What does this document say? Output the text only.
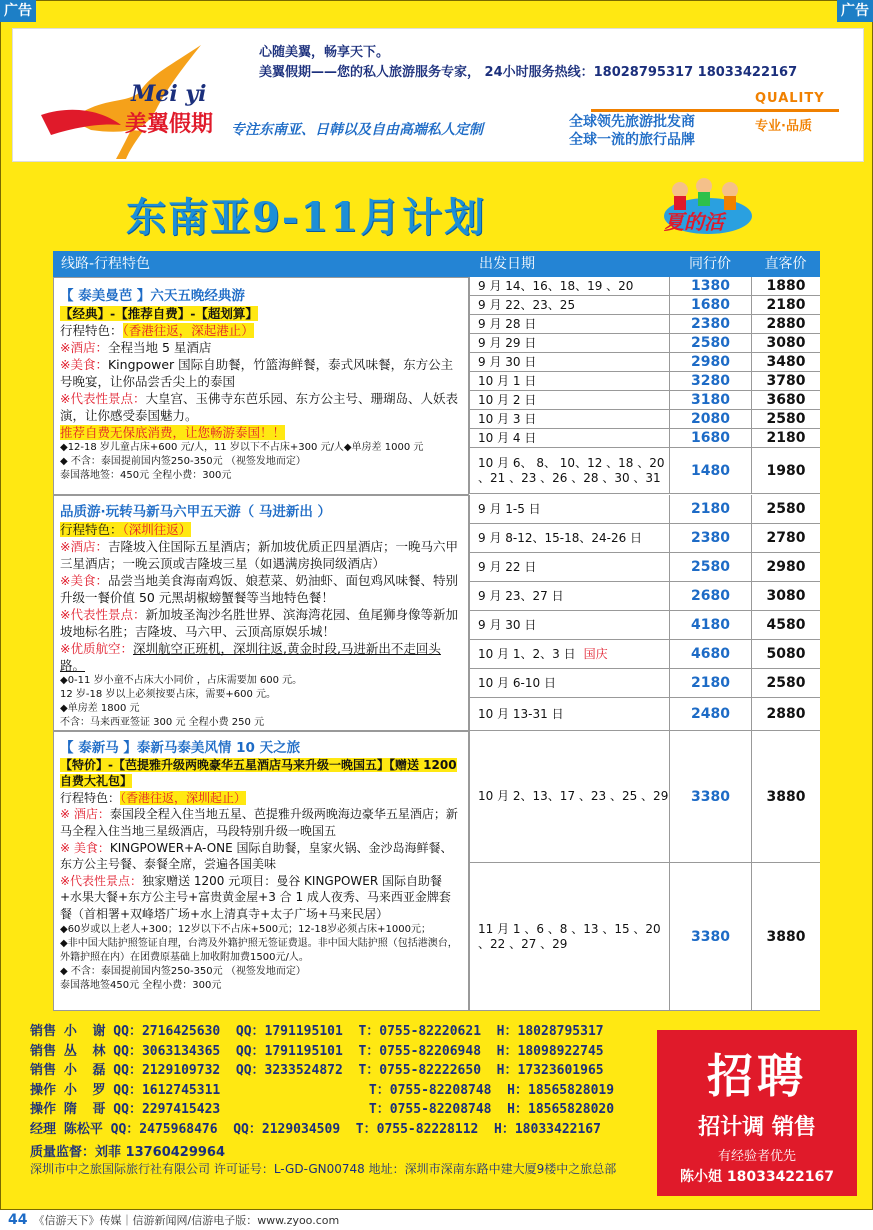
广告	广告
Mei yi
美翼假期
心随美翼，畅享天下。
美翼假期——您的私人旅游服务专家， 24小时服务热线：18028795317 18033422167
专注东南亚、日韩以及自由高端私人定制
QUALITY
全球领先旅游批发商
全球一流的旅行品牌
专业·品质
东南亚9-11月计划	夏的活
线路-行程特色	出发日期	同行价	直客价
【 泰美曼芭 】六天五晚经典游
【经典】-【推荐自费】-【超划算】
行程特色：（香港往返，深起港止）
※酒店：全程当地 5 星酒店
※美食：Kingpower 国际自助餐，竹篮海鲜餐，泰式风味餐，东方公主号晚宴，让你品尝舌尖上的泰国
※代表性景点：大皇宫、玉佛寺东芭乐园、东方公主号、珊瑚岛、人妖表演，让你感受泰国魅力。
推荐自费无保底消费，让您畅游泰国！！
◆12-18 岁儿童占床+600 元/人，11 岁以下不占床+300 元/人◆单房差 1000 元
◆ 不含：泰国提前国内签250-350元 （视签发地而定）
泰国落地签：450元 全程小费：300元
品质游·玩转马新马六甲五天游（ 马进新出 ）
行程特色：（深圳往返）
※酒店：吉隆坡入住国际五星酒店；新加坡优质正四星酒店；一晚马六甲三星酒店；一晚云顶或吉隆坡三星（如遇满房换同级酒店）
※美食：品尝当地美食海南鸡饭、娘惹菜、奶油虾、面包鸡风味餐、特别升级一餐价值 50 元黑胡椒螃蟹餐等当地特色餐！
※代表性景点：新加坡圣淘沙名胜世界、滨海湾花园、鱼尾狮身像等新加坡地标名胜；吉隆坡、马六甲、云顶高原娱乐城！
※优质航空：深圳航空正班机，深圳往返,黄金时段,马进新出不走回头路。
◆0-11 岁小童不占床大小同价 ，占床需要加 600 元。
12 岁-18 岁以上必须按要占床，需要+600 元。
◆单房差 1800 元
不含：马来西亚签证 300 元 全程小费 250 元
【 泰新马 】泰新马泰美风情 10 天之旅
【特价】-【芭提雅升级两晚豪华五星酒店马来升级一晚国五】【赠送 1200 自费大礼包】
行程特色：（香港往返，深圳起止）
※ 酒店：泰国段全程入住当地五星、芭提雅升级两晚海边豪华五星酒店；新马全程入住当地三星级酒店，马段特别升级一晚国五
※ 美食：KINGPOWER+A-ONE 国际自助餐，皇家火锅、金沙岛海鲜餐、东方公主号餐、泰餐全席，尝遍各国美味
※代表性景点：独家赠送 1200 元项目：曼谷 KINGPOWER 国际自助餐+水果大餐+东方公主号+富贵黄金屋+3 合 1 成人夜秀、马来西亚金牌套餐（首相署+双峰塔广场+水上清真寺+太子广场+马来民居）
◆60岁或以上老人+300；12岁以下不占床+500元；12-18岁必须占床+1000元；
◆非中国大陆护照签证自理，台湾及外籍护照无签证费退。非中国大陆护照（包括港澳台，外籍护照在内）在团费原基础上加收附加费1500元/人。
◆ 不含：泰国提前国内签250-350元 （视签发地而定）
泰国落地签450元 全程小费：300元
9 月 14、16、18、19 、20	1380	1880
9 月 22、23、25	1680	2180
9 月 28 日	2380	2880
9 月 29 日	2580	3080
9 月 30 日	2980	3480
10 月 1 日	3280	3780
10 月 2 日	3180	3680
10 月 3 日	2080	2580
10 月 4 日	1680	2180
10 月 6、 8、 10、12 、18 、20 、21 、23 、26 、28 、30 、31	1480	1980
9 月 1-5 日	2180	2580
9 月 8-12、15-18、24-26 日	2380	2780
9 月 22 日	2580	2980
9 月 23、27 日	2680	3080
9 月 30 日	4180	4580
10 月 1、2、3 日 国庆	4680	5080
10 月 6-10 日	2180	2580
10 月 13-31 日	2480	2880
10 月 2、13、17 、23 、25 、29	3380	3880
11 月 1 、6 、8 、13 、15 、20 、22 、27 、29	3380	3880
销售 小  谢 QQ：2716425630  QQ：1791195101  T：0755-82220621  H：18028795317
销售 丛  林 QQ：3063134365  QQ：1791195101  T：0755-82206948  H：18098922745
销售 小  磊 QQ：2129109732  QQ：3233524872  T：0755-82222650  H：17323601965
操作 小  罗 QQ：1612745311                   T：0755-82208748  H：18565828019
操作 隋  哥 QQ：2297415423                   T：0755-82208748  H：18565828020
经理 陈松平 QQ：2475968476  QQ：2129034509  T：0755-82228112  H：18033422167
质量监督：刘菲 13760429964
深圳市中之旅国际旅行社有限公司 许可证号：L-GD-GN00748 地址：深圳市深南东路中建大厦9楼中之旅总部
招聘
招计调 销售
有经验者优先
陈小姐 18033422167
44 《信游天下》传媒｜信游新闻网/信游电子版：www.zyoo.com
